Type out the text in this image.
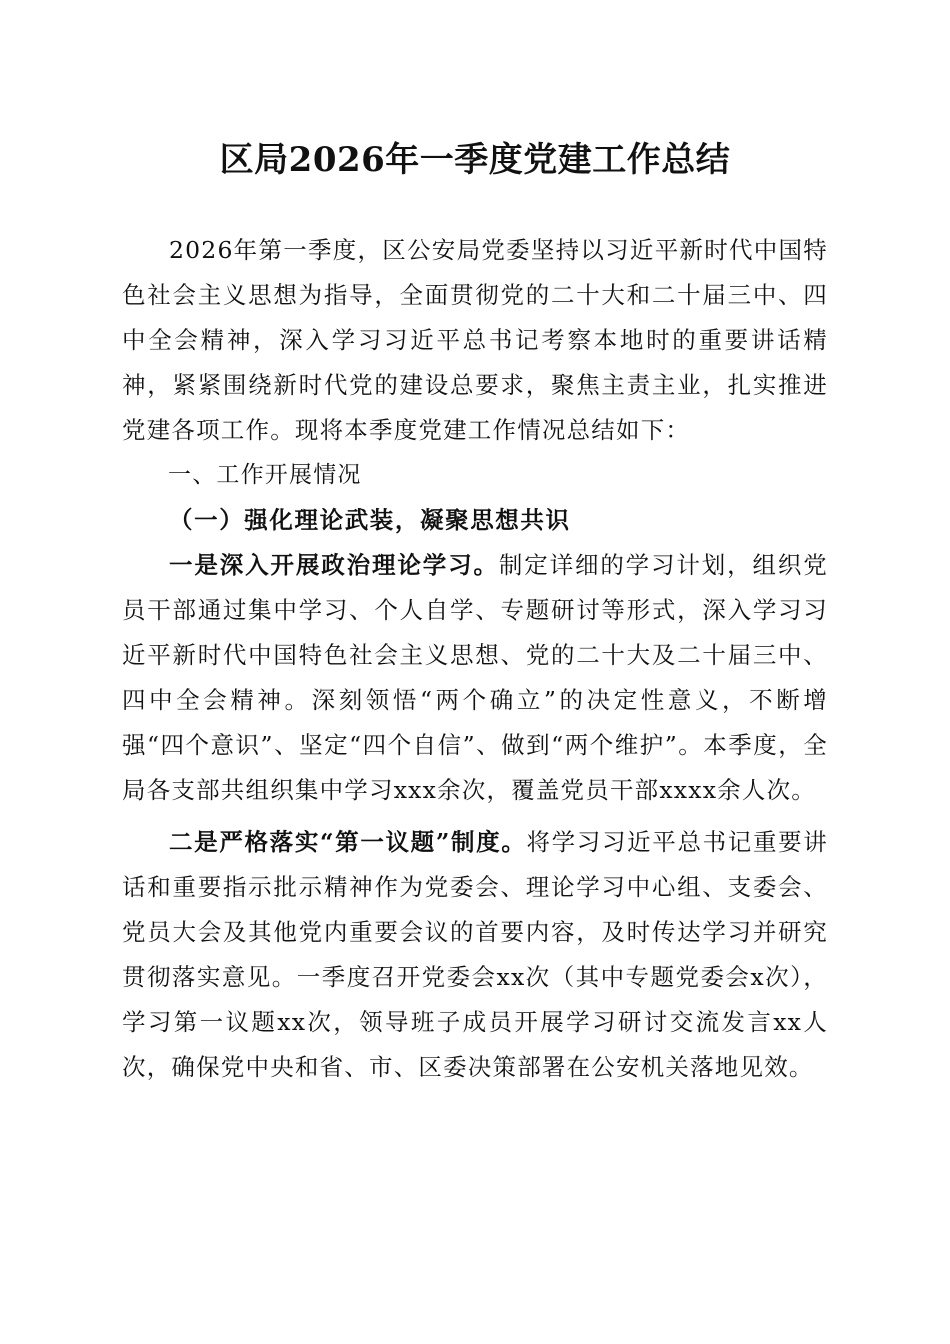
区局2026年一季度党建工作总结

2026年第一季度，区公安局党委坚持以习近平新时代中国特色社会主义思想为指导，全面贯彻党的二十大和二十届三中、四中全会精神，深入学习习近平总书记考察本地时的重要讲话精神，紧紧围绕新时代党的建设总要求，聚焦主责主业，扎实推进党建各项工作。现将本季度党建工作情况总结如下：

一、工作开展情况

（一）强化理论武装，凝聚思想共识

一是深入开展政治理论学习。制定详细的学习计划，组织党员干部通过集中学习、个人自学、专题研讨等形式，深入学习习近平新时代中国特色社会主义思想、党的二十大及二十届三中、四中全会精神。深刻领悟“两个确立”的决定性意义，不断增强“四个意识”、坚定“四个自信”、做到“两个维护”。本季度，全局各支部共组织集中学习xxx余次，覆盖党员干部xxxx余人次。

二是严格落实“第一议题”制度。将学习习近平总书记重要讲话和重要指示批示精神作为党委会、理论学习中心组、支委会、党员大会及其他党内重要会议的首要内容，及时传达学习并研究贯彻落实意见。一季度召开党委会xx次（其中专题党委会x次），学习第一议题xx次，领导班子成员开展学习研讨交流发言xx人次，确保党中央和省、市、区委决策部署在公安机关落地见效。
